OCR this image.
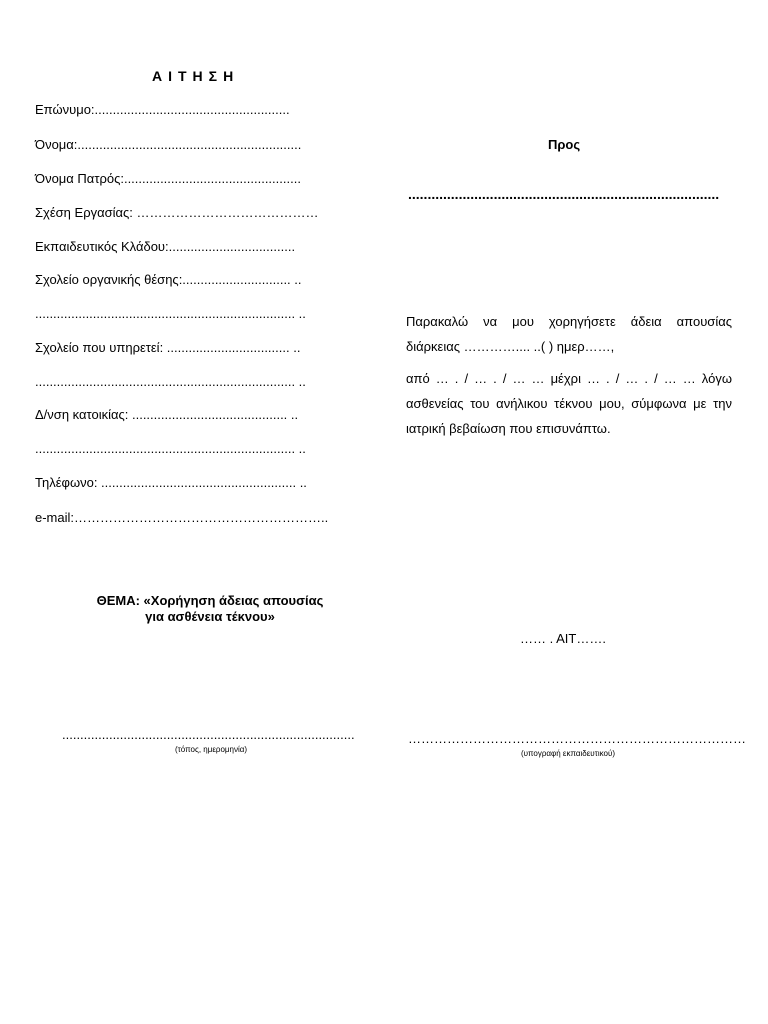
ΑΙΤΗΣΗ
Επώνυμο:......................................................
Όνομα:..............................................................
Όνομα Πατρός:.................................................
Σχέση Εργασίας: ……………………………………
Εκπαιδευτικός Κλάδου:...................................
Σχολείο οργανικής θέσης:.............................. ..
........................................................................ ..
Σχολείο που υπηρετεί: .................................. ..
........................................................................ ..
Δ/νση κατοικίας: ........................................... ..
........................................................................ ..
Τηλέφωνο: ...................................................... ..
e-mail:…………………………………………………..
Προς
................................................................................
Παρακαλώ να μου χορηγήσετε άδεια απουσίας διάρκειας ………….... ..( ) ημερ……,
από … . / … . / … … μέχρι … . / … . / … … λόγω ασθενείας του ανήλικου τέκνου μου, σύμφωνα με την ιατρική βεβαίωση που επισυνάπτω.
ΘΕΜΑ: «Χορήγηση άδειας απουσίας
για ασθένεια τέκνου»
…… . ΑΙΤ…….
.................................................................................
(τόπος, ημερομηνία)
……………………………………………………………………
(υπογραφή εκπαιδευτικού)
